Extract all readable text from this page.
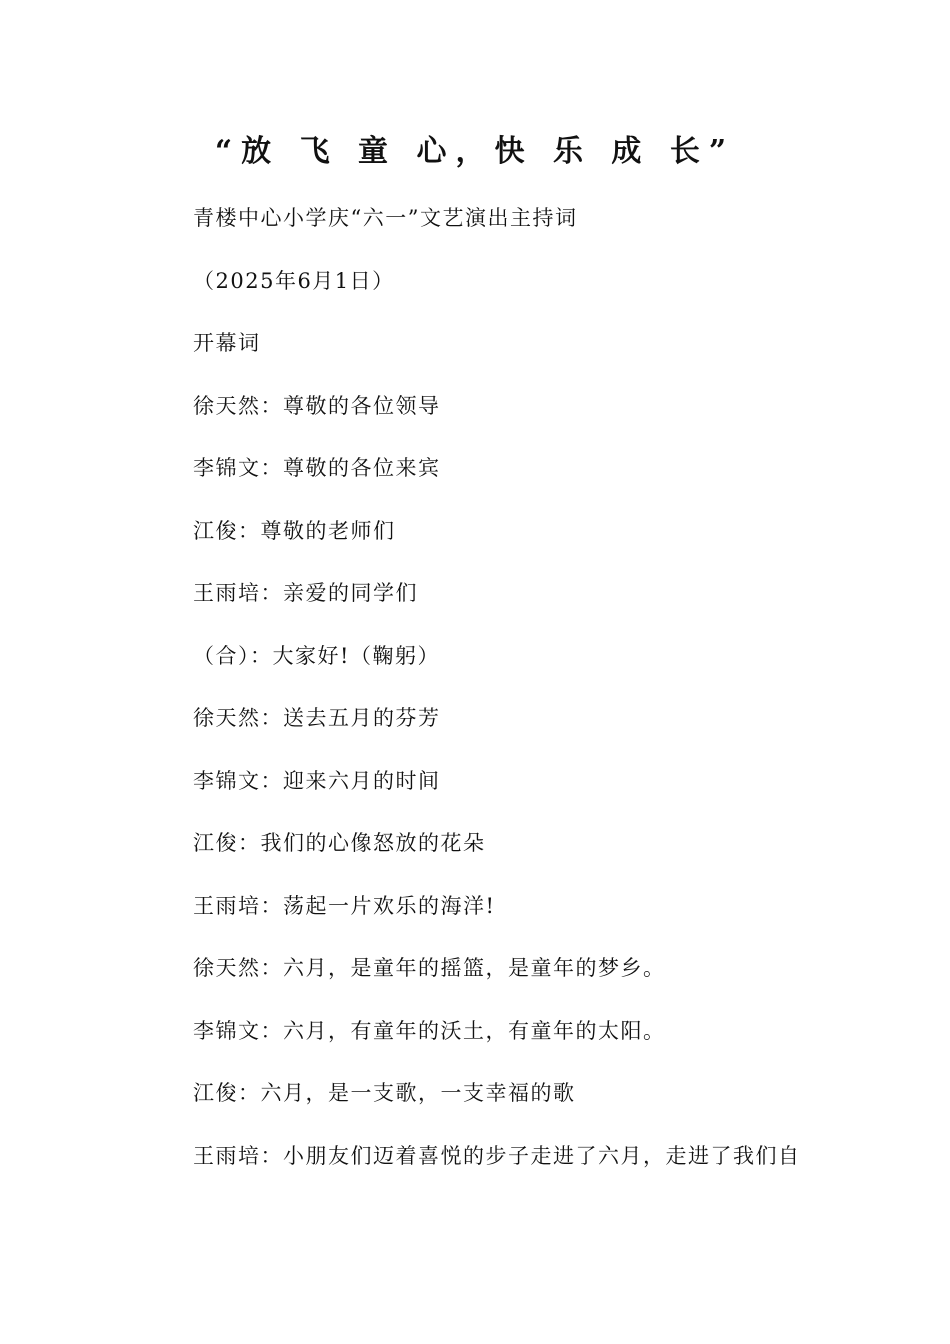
“放 飞 童 心，快 乐 成 长”
青楼中心小学庆“六一”文艺演出主持词
（2025年6月1日）
开幕词
徐天然：尊敬的各位领导
李锦文：尊敬的各位来宾
江俊：尊敬的老师们
王雨培：亲爱的同学们
（合）：大家好!（鞠躬）
徐天然：送去五月的芬芳
李锦文：迎来六月的时间
江俊：我们的心像怒放的花朵
王雨培：荡起一片欢乐的海洋!
徐天然：六月，是童年的摇篮，是童年的梦乡。
李锦文：六月，有童年的沃土，有童年的太阳。
江俊：六月，是一支歌，一支幸福的歌
王雨培：小朋友们迈着喜悦的步子走进了六月，走进了我们自
